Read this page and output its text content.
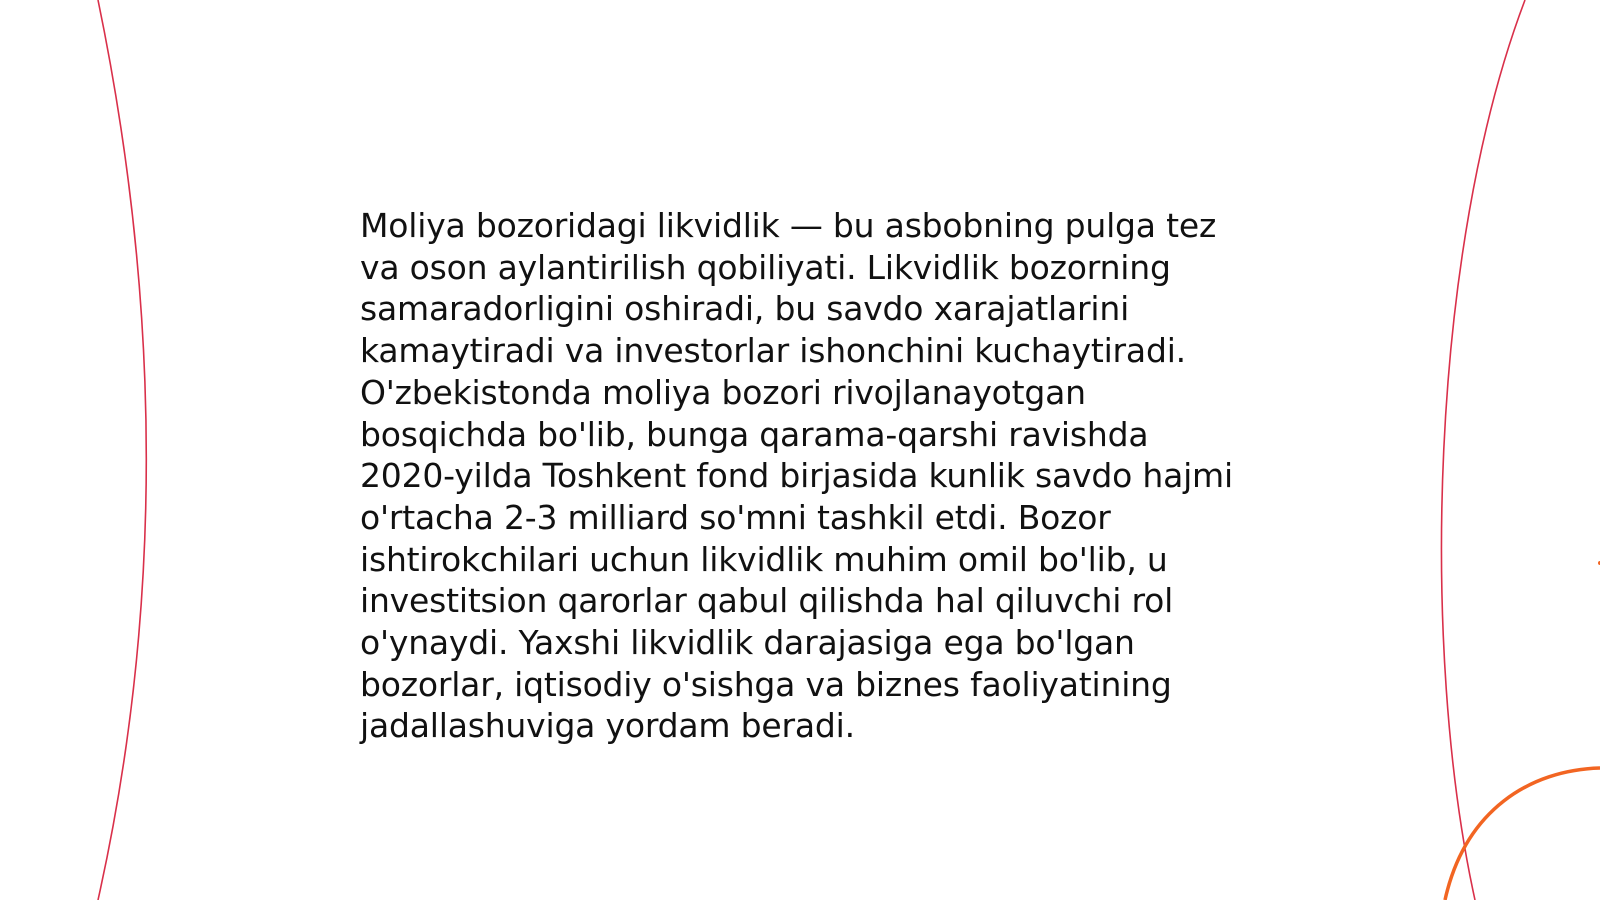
Moliya bozoridagi likvidlik — bu asbobning pulga tez
va oson aylantirilish qobiliyati. Likvidlik bozorning
samaradorligini oshiradi, bu savdo xarajatlarini
kamaytiradi va investorlar ishonchini kuchaytiradi.
O'zbekistonda moliya bozori rivojlanayotgan
bosqichda bo'lib, bunga qarama-qarshi ravishda
2020-yilda Toshkent fond birjasida kunlik savdo hajmi
o'rtacha 2-3 milliard so'mni tashkil etdi. Bozor
ishtirokchilari uchun likvidlik muhim omil bo'lib, u
investitsion qarorlar qabul qilishda hal qiluvchi rol
o'ynaydi. Yaxshi likvidlik darajasiga ega bo'lgan
bozorlar, iqtisodiy o'sishga va biznes faoliyatining
jadallashuviga yordam beradi.
